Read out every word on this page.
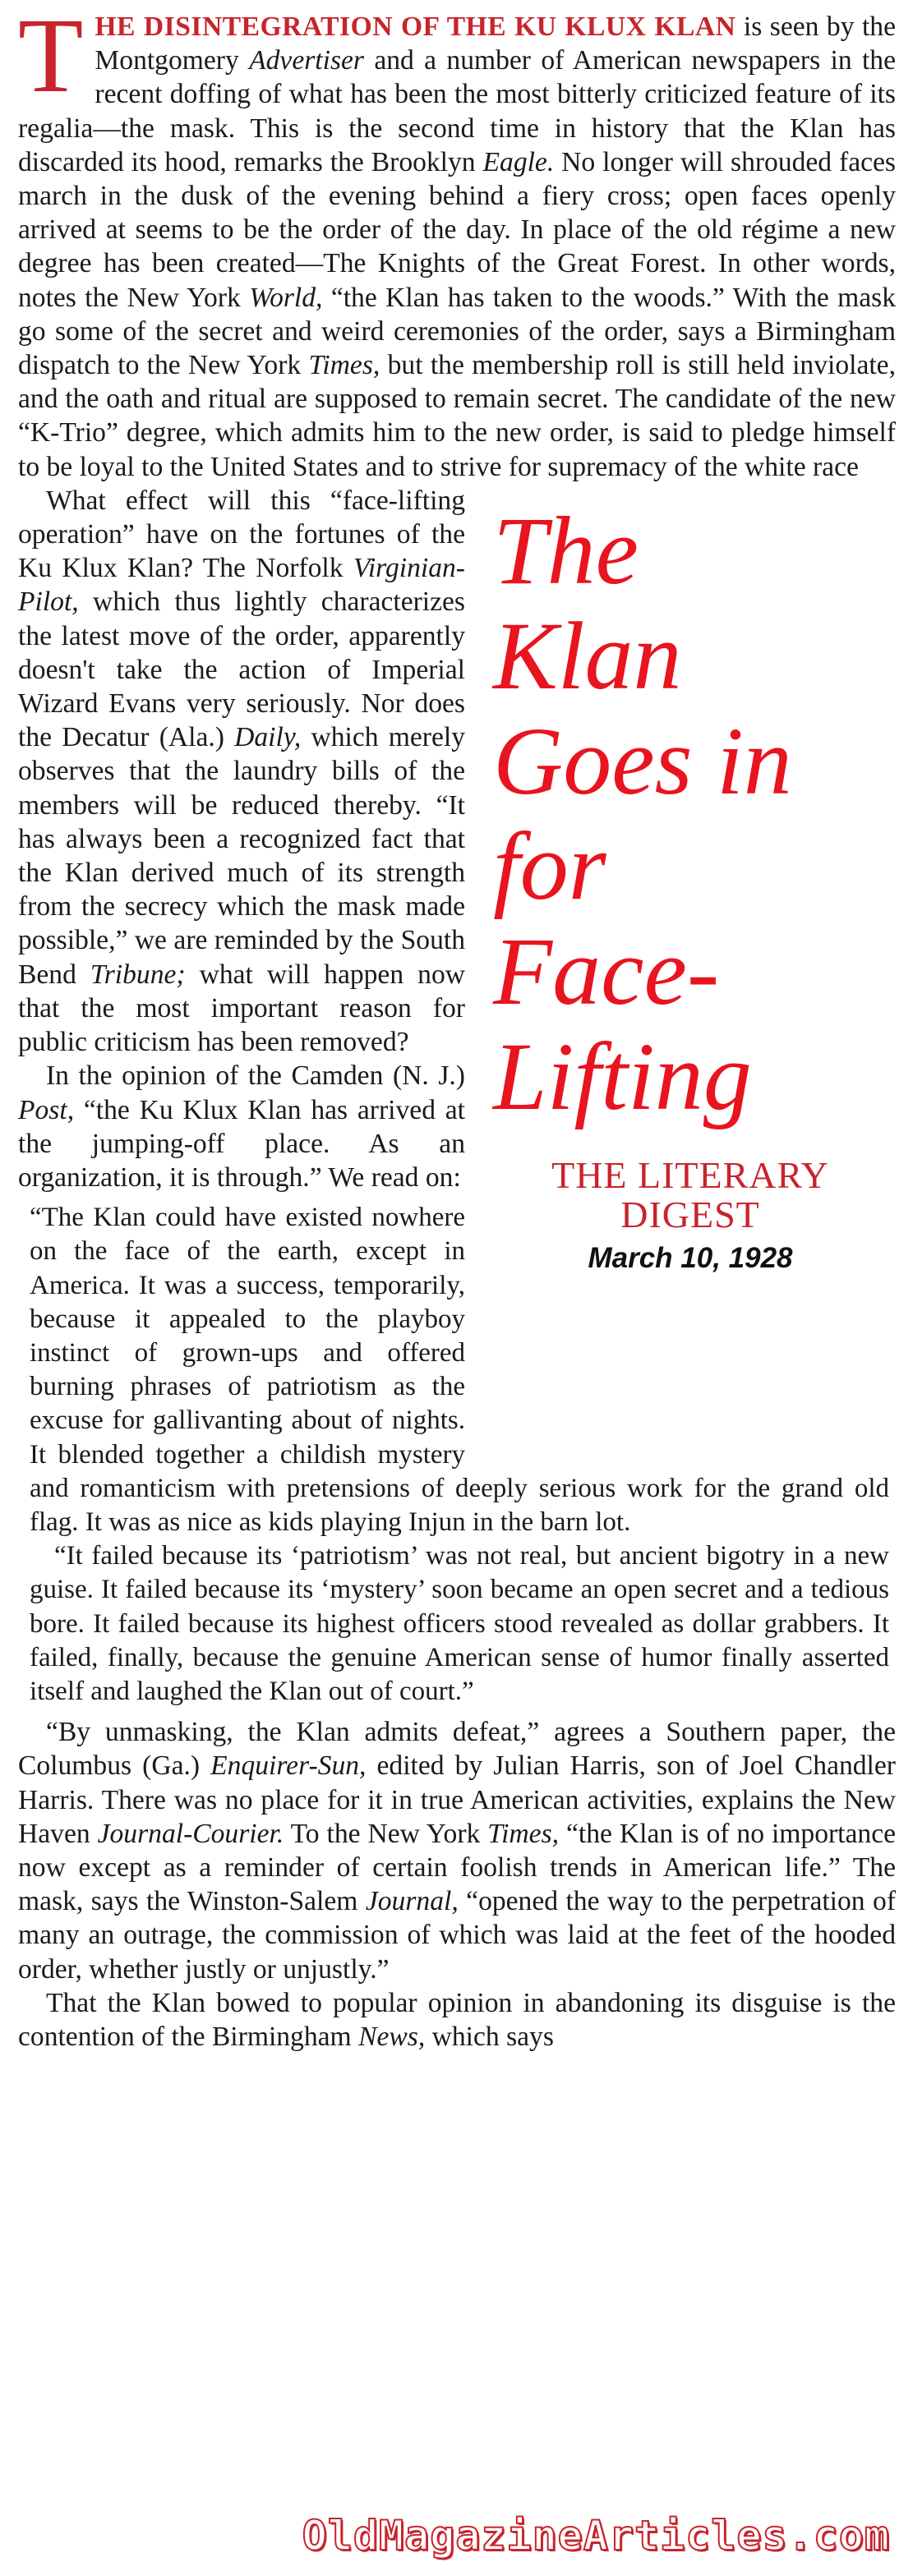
T HE DISINTEGRATION OF THE KU KLUX KLAN is seen by the Montgomery Advertiser and a number of American newspapers in the recent doffing of what has been the most bitterly criticized feature of its regalia—the mask. This is the second time in history that the Klan has discarded its hood, remarks the Brooklyn Eagle. No longer will shrouded faces march in the dusk of the evening behind a fiery cross; open faces openly arrived at seems to be the order of the day. In place of the old régime a new degree has been created—The Knights of the Great Forest. In other words, notes the New York World, “the Klan has taken to the woods.” With the mask go some of the secret and weird ceremonies of the order, says a Birmingham dispatch to the New York Times, but the membership roll is still held inviolate, and the oath and ritual are supposed to remain secret. The candidate of the new “K-Trio” degree, which admits him to the new order, is said to pledge himself to be loyal to the United States and to strive for supremacy of the white race

The
Klan
Goes in
for
Face-
Lifting
THE LITERARY
DIGEST
March 10, 1928

What effect will this “face-lifting operation” have on the fortunes of the Ku Klux Klan? The Norfolk Virginian-Pilot, which thus lightly characterizes the latest move of the order, apparently doesn't take the action of Imperial Wizard Evans very seriously. Nor does the Decatur (Ala.) Daily, which merely observes that the laundry bills of the members will be reduced thereby. “It has always been a recognized fact that the Klan derived much of its strength from the secrecy which the mask made possible,” we are reminded by the South Bend Tribune; what will happen now that the most important reason for public criticism has been removed?

In the opinion of the Camden (N. J.) Post, “the Ku Klux Klan has arrived at the jumping-off place. As an organization, it is through.” We read on:

“The Klan could have existed nowhere on the face of the earth, except in America. It was a success, temporarily, because it appealed to the playboy instinct of grown-ups and offered burning phrases of patriotism as the excuse for gallivanting about of nights. It blended together a childish mystery and romanticism with pretensions of deeply serious work for the grand old flag. It was as nice as kids playing Injun in the barn lot.

“It failed because its ‘patriotism’ was not real, but ancient bigotry in a new guise. It failed because its ‘mystery’ soon became an open secret and a tedious bore. It failed because its highest officers stood revealed as dollar grabbers. It failed, finally, because the genuine American sense of humor finally asserted itself and laughed the Klan out of court.”

“By unmasking, the Klan admits defeat,” agrees a Southern paper, the Columbus (Ga.) Enquirer-Sun, edited by Julian Harris, son of Joel Chandler Harris. There was no place for it in true American activities, explains the New Haven Journal-Courier. To the New York Times, “the Klan is of no importance now except as a reminder of certain foolish trends in American life.” The mask, says the Winston-Salem Journal, “opened the way to the perpetration of many an outrage, the commission of which was laid at the feet of the hooded order, whether justly or unjustly.”

That the Klan bowed to popular opinion in abandoning its disguise is the contention of the Birmingham News, which says

OldMagazineArticles.com
